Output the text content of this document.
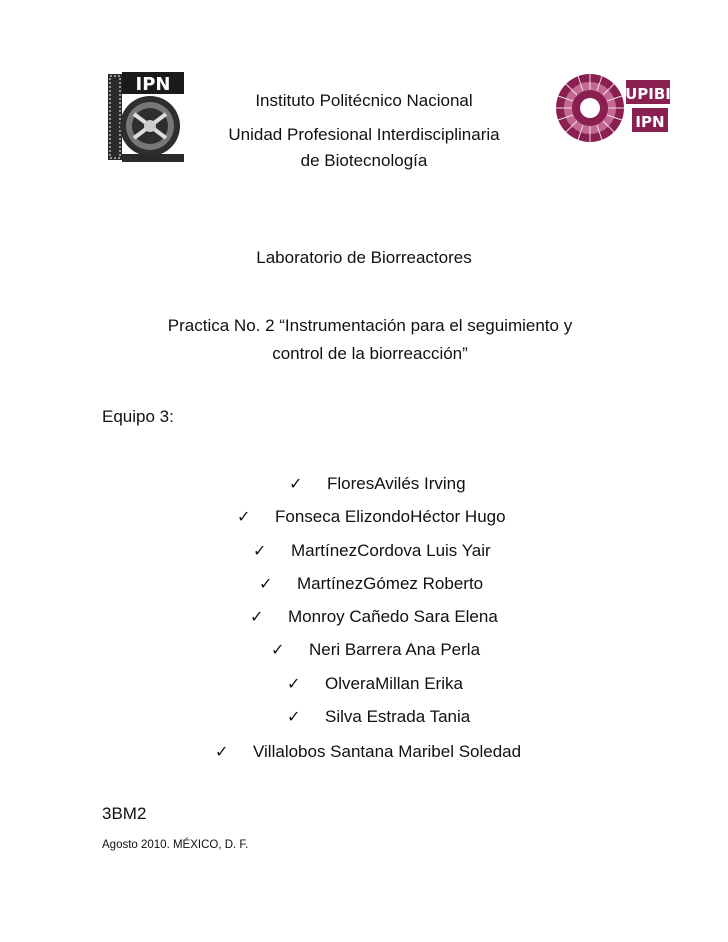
IPN	UPIBI
IPN
Instituto Politécnico Nacional
Unidad Profesional Interdisciplinaria
de Biotecnología
Laboratorio de Biorreactores
Practica No. 2 “Instrumentación para el seguimiento y
control de la biorreacción”
Equipo 3:
✓ FloresAvilés Irving
✓ Fonseca ElizondoHéctor Hugo
✓ MartínezCordova Luis Yair
✓ MartínezGómez Roberto
✓ Monroy Cañedo Sara Elena
✓ Neri Barrera Ana Perla
✓ OlveraMillan Erika
✓ Silva Estrada Tania
✓ Villalobos Santana Maribel Soledad
3BM2
Agosto 2010. MÉXICO, D. F.
